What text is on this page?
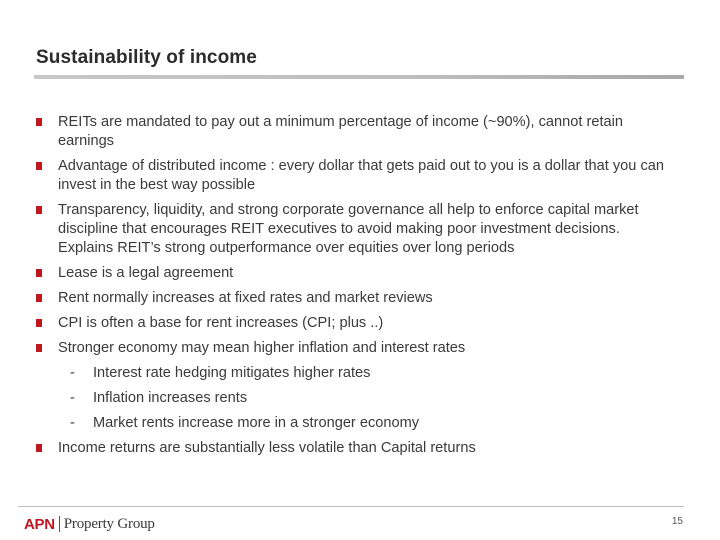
Sustainability of income
REITs are mandated to pay out a minimum percentage of income (~90%), cannot retain earnings
Advantage of distributed income : every dollar that gets paid out to you is a dollar that you can invest in the best way possible
Transparency, liquidity, and strong corporate governance all help to enforce capital market discipline that encourages REIT executives to avoid making poor investment decisions. Explains REIT’s strong outperformance over equities over long periods
Lease is a legal agreement
Rent normally increases at fixed rates and market reviews
CPI is often a base for rent increases (CPI; plus ..)
Stronger economy may mean higher inflation and interest rates
-	Interest rate hedging mitigates higher rates
-	Inflation increases rents
-	Market rents increase more in a stronger economy
Income returns are substantially less volatile than Capital returns
APN Property Group	15
